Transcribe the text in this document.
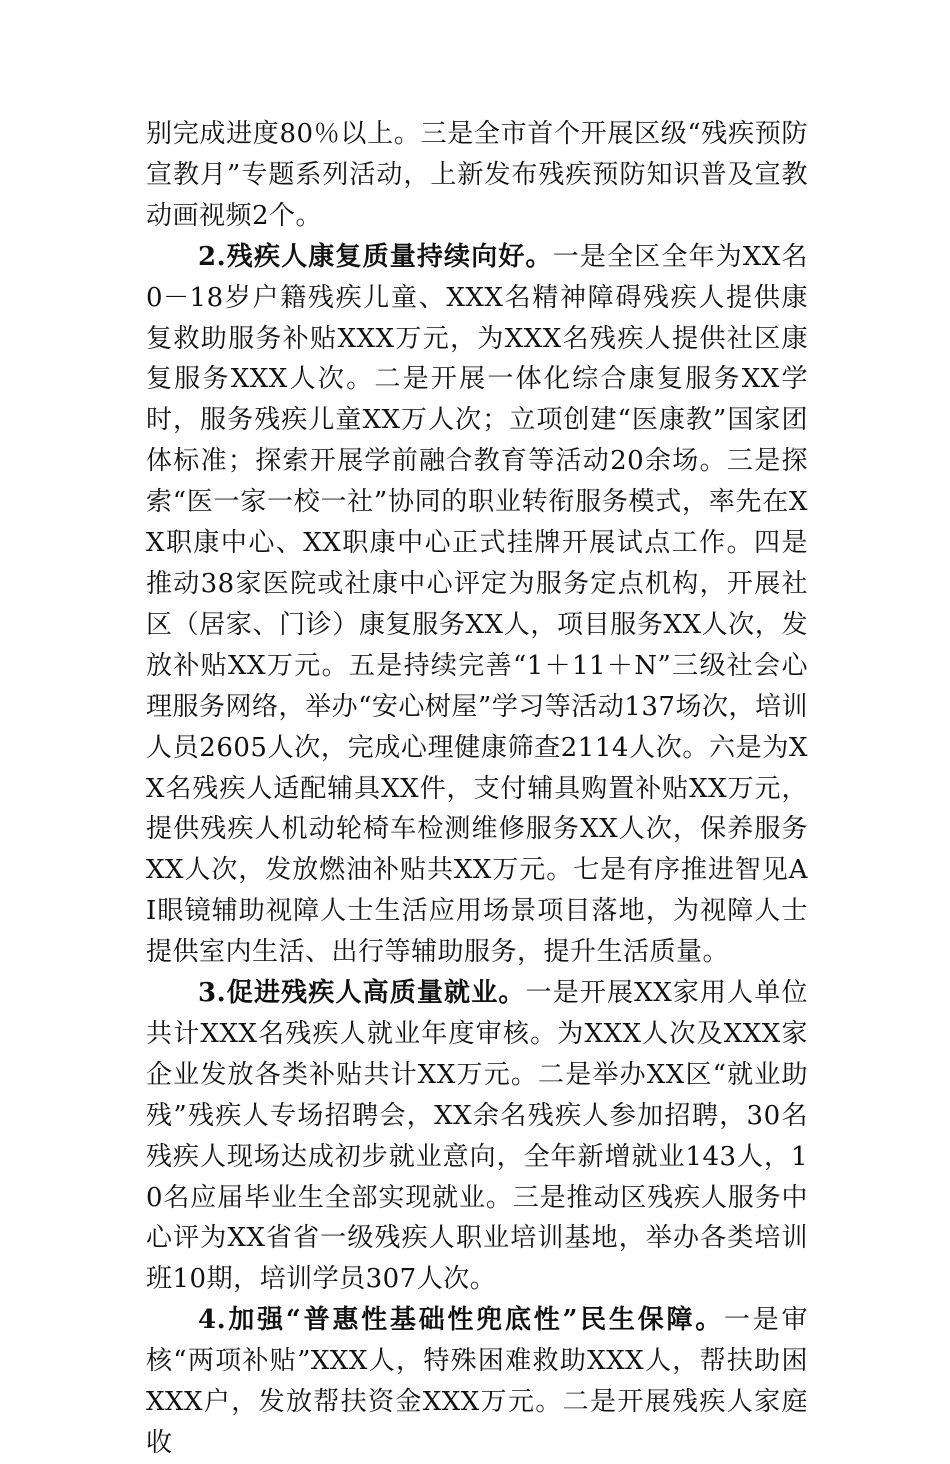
别完成进度80％以上。三是全市首个开展区级“残疾预防宣教月”专题系列活动，上新发布残疾预防知识普及宣教动画视频2个。

2.残疾人康复质量持续向好。一是全区全年为XX名0－18岁户籍残疾儿童、XXX名精神障碍残疾人提供康复救助服务补贴XXX万元，为XXX名残疾人提供社区康复服务XXX人次。二是开展一体化综合康复服务XX学时，服务残疾儿童XX万人次；立项创建“医康教”国家团体标准；探索开展学前融合教育等活动20余场。三是探索“医一家一校一社”协同的职业转衔服务模式，率先在XX职康中心、XX职康中心正式挂牌开展试点工作。四是推动38家医院或社康中心评定为服务定点机构，开展社区（居家、门诊）康复服务XX人，项目服务XX人次，发放补贴XX万元。五是持续完善“1＋11＋N”三级社会心理服务网络，举办“安心树屋”学习等活动137场次，培训人员2605人次，完成心理健康筛查2114人次。六是为XX名残疾人适配辅具XX件，支付辅具购置补贴XX万元，提供残疾人机动轮椅车检测维修服务XX人次，保养服务XX人次，发放燃油补贴共XX万元。七是有序推进智见AI眼镜辅助视障人士生活应用场景项目落地，为视障人士提供室内生活、出行等辅助服务，提升生活质量。

3.促进残疾人高质量就业。一是开展XX家用人单位共计XXX名残疾人就业年度审核。为XXX人次及XXX家企业发放各类补贴共计XX万元。二是举办XX区“就业助残”残疾人专场招聘会，XX余名残疾人参加招聘，30名残疾人现场达成初步就业意向，全年新增就业143人，10名应届毕业生全部实现就业。三是推动区残疾人服务中心评为XX省省一级残疾人职业培训基地，举办各类培训班10期，培训学员307人次。

4.加强“普惠性基础性兜底性”民生保障。一是审核“两项补贴”XXX人，特殊困难救助XXX人，帮扶助困XXX户，发放帮扶资金XXX万元。二是开展残疾人家庭收
